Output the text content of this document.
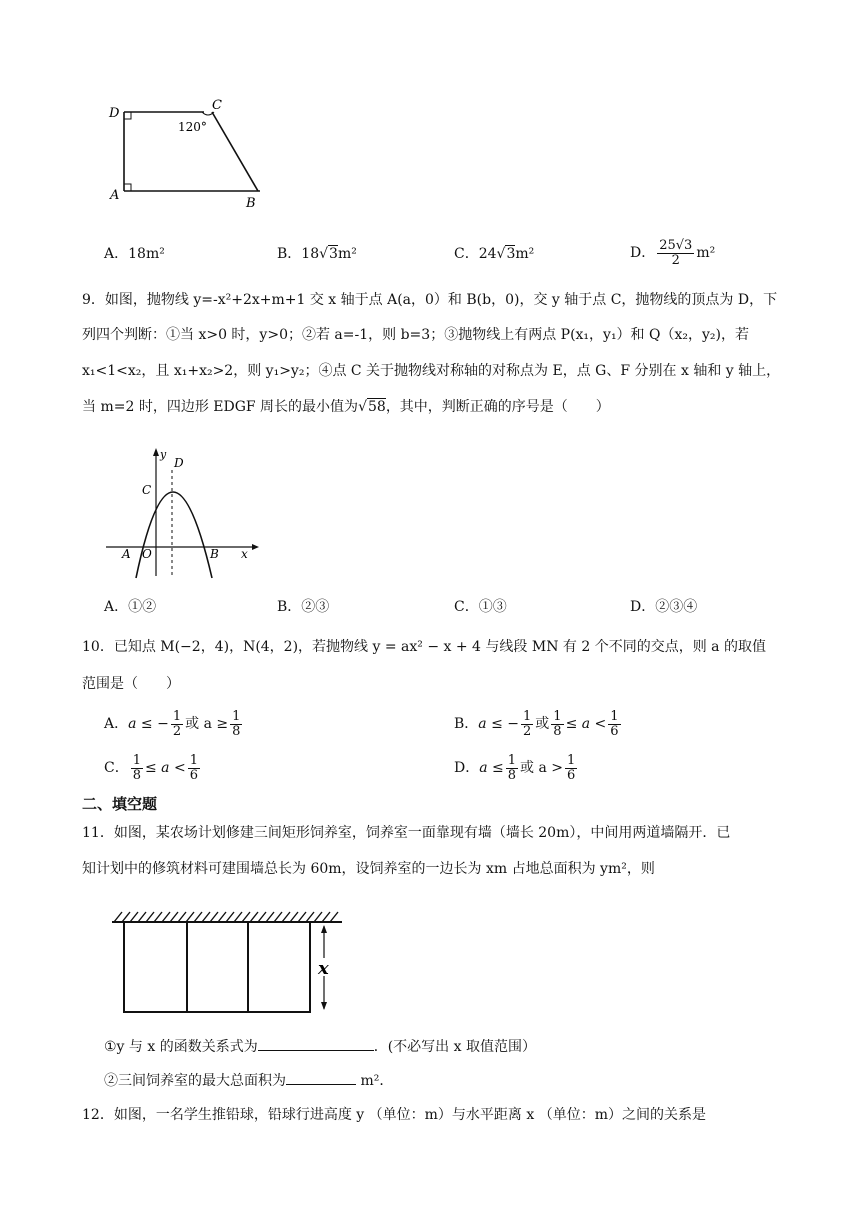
D
C
A
B
120°
A．18m²	B．18√3m²	C．24√3m²	D． $\frac{25√3}{2} m^2$
9．如图，抛物线 y=-x²+2x+m+1 交 x 轴于点 A(a，0）和 B(b，0)，交 y 轴于点 C，抛物线的顶点为 D，下
列四个判断：①当 x>0 时，y>0；②若 a=-1，则 b=3；③抛物线上有两点 P(x₁，y₁）和 Q（x₂，y₂)，若
x₁<1<x₂，且 x₁+x₂>2，则 y₁>y₂；④点 C 关于抛物线对称轴的对称点为 E，点 G、F 分别在 x 轴和 y 轴上，
当 m=2 时，四边形 EDGF 周长的最小值为√58，其中，判断正确的序号是（　　）
y
D
C
A O	B x
A．①②	B．②③	C．①③	D．②③④
10．已知点 M(−2，4)，N(4，2)，若抛物线 y = ax² − x + 4 与线段 MN 有 2 个不同的交点，则 a 的取值
范围是（　　）
A．a ≤ − $\frac{1}{2}$ 或 $a \ge \frac{1}{8}$	B．a ≤ − $\frac{1}{2}$ 或 $\frac{1}{8} \le a < \frac{1}{6}$
C． $\frac{1}{8} \le a < \frac{1}{6}$	D．$a \le \frac{1}{8}$ 或 $a > \frac{1}{6}$
二、填空题
11．如图，某农场计划修建三间矩形饲养室，饲养室一面靠现有墙（墙长 20m），中间用两道墙隔开．已
知计划中的修筑材料可建围墙总长为 60m，设饲养室的一边长为 xm 占地总面积为 ym²，则
x
①y 与 x 的函数关系式为	．(不必写出 x 取值范围）
②三间饲养室的最大总面积为	m²．
12．如图，一名学生推铅球，铅球行进高度 y （单位：m）与水平距离 x （单位：m）之间的关系是
